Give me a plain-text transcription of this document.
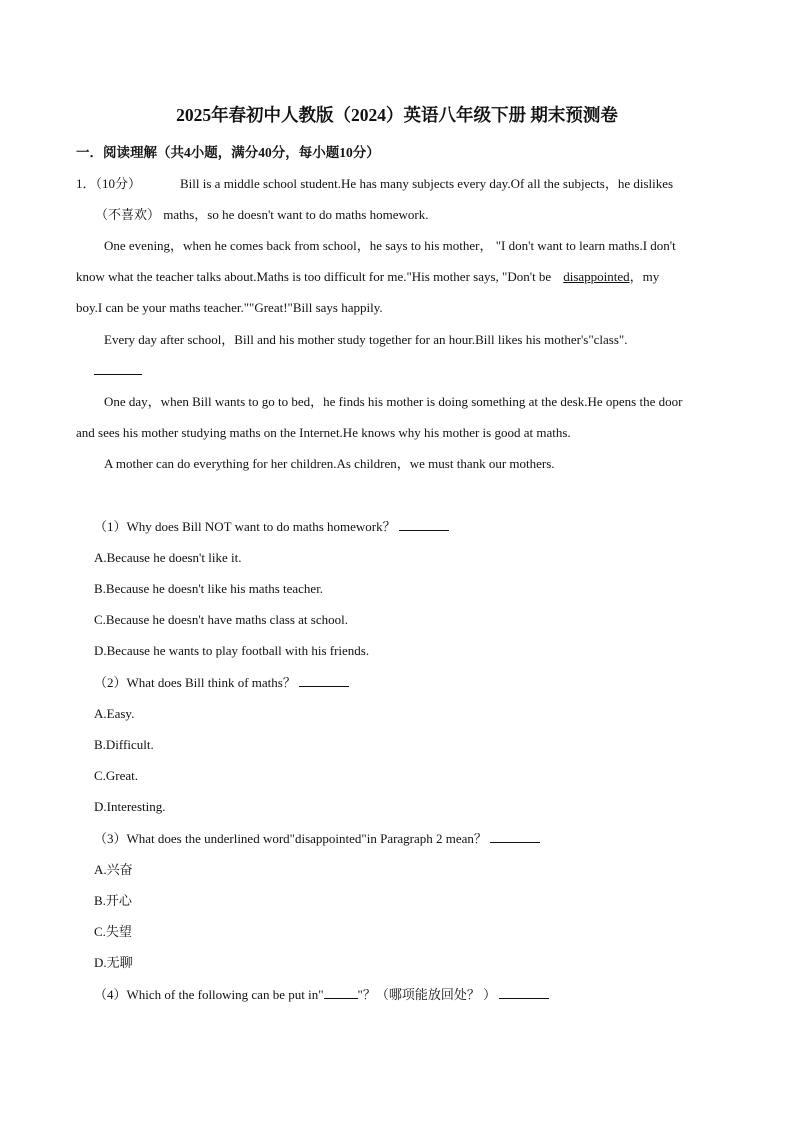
2025年春初中人教版（2024）英语八年级下册 期末预测卷
一．阅读理解（共4小题，满分40分，每小题10分）
1．（10分）	Bill is a middle school student.He has many subjects every day.Of all the subjects，he dislikes
（不喜欢） maths，so he doesn't want to do maths homework.
One evening，when he comes back from school，he says to his mother， "I don't want to learn maths.I don't
know what the teacher talks about.Maths is too difficult for me."His mother says, "Don't be disappointed，my
boy.I can be your maths teacher.""Great!"Bill says happily.
Every day after school，Bill and his mother study together for an hour.Bill likes his mother's"class".
One day，when Bill wants to go to bed，he finds his mother is doing something at the desk.He opens the door
and sees his mother studying maths on the Internet.He knows why his mother is good at maths.
A mother can do everything for her children.As children，we must thank our mothers.
（1）Why does Bill NOT want to do maths homework？
A.Because he doesn't like it.
B.Because he doesn't like his maths teacher.
C.Because he doesn't have maths class at school.
D.Because he wants to play football with his friends.
（2）What does Bill think of maths？
A.Easy.
B.Difficult.
C.Great.
D.Interesting.
（3）What does the underlined word"disappointed"in Paragraph 2 mean？
A.兴奋
B.开心
C.失望
D.无聊
（4）Which of the following can be put in"	"？（哪项能放回处？ ）
